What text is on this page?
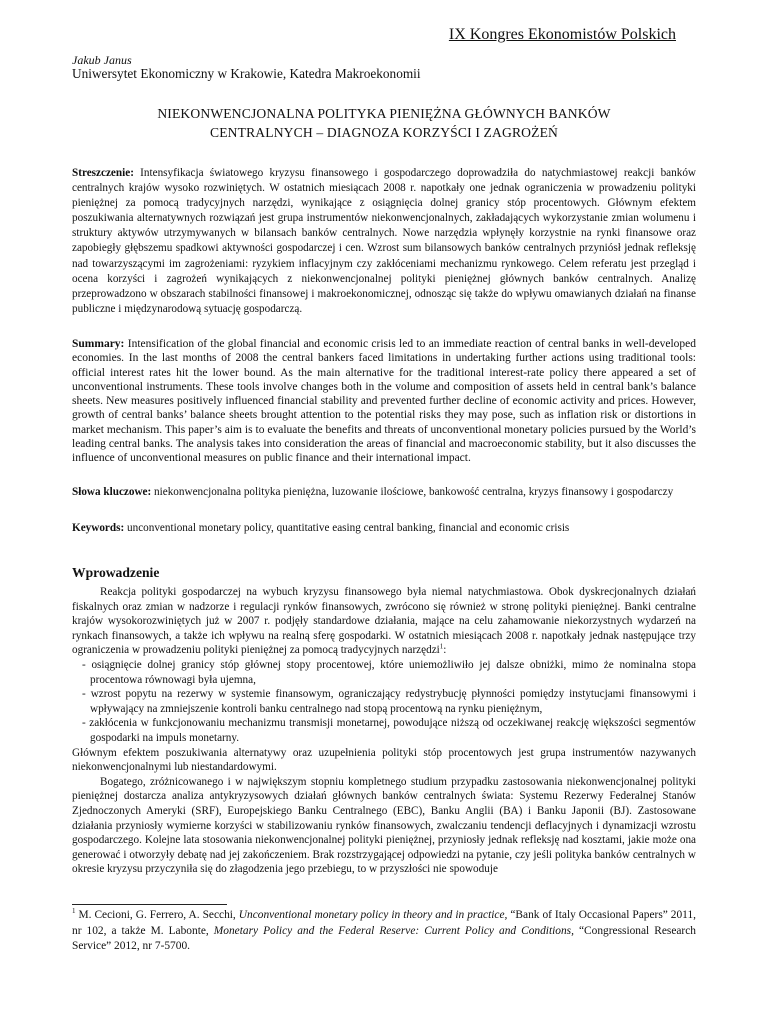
IX Kongres Ekonomistów Polskich
Jakub Janus
Uniwersytet Ekonomiczny w Krakowie, Katedra Makroekonomii
NIEKONWENCJONALNA POLITYKA PIENIĘŻNA GŁÓWNYCH BANKÓW
CENTRALNYCH – DIAGNOZA KORZYŚCI I ZAGROŻEŃ
Streszczenie: Intensyfikacja światowego kryzysu finansowego i gospodarczego doprowadziła do natychmiastowej reakcji banków centralnych krajów wysoko rozwiniętych. W ostatnich miesiącach 2008 r. napotkały one jednak ograniczenia w prowadzeniu polityki pieniężnej za pomocą tradycyjnych narzędzi, wynikające z osiągnięcia dolnej granicy stóp procentowych. Głównym efektem poszukiwania alternatywnych rozwiązań jest grupa instrumentów niekonwencjonalnych, zakładających wykorzystanie zmian wolumenu i struktury aktywów utrzymywanych w bilansach banków centralnych. Nowe narzędzia wpłynęły korzystnie na rynki finansowe oraz zapobiegły głębszemu spadkowi aktywności gospodarczej i cen. Wzrost sum bilansowych banków centralnych przyniósł jednak refleksję nad towarzyszącymi im zagrożeniami: ryzykiem inflacyjnym czy zakłóceniami mechanizmu rynkowego. Celem referatu jest przegląd i ocena korzyści i zagrożeń wynikających z niekonwencjonalnej polityki pieniężnej głównych banków centralnych. Analizę przeprowadzono w obszarach stabilności finansowej i makroekonomicznej, odnosząc się także do wpływu omawianych działań na finanse publiczne i międzynarodową sytuację gospodarczą.
Summary: Intensification of the global financial and economic crisis led to an immediate reaction of central banks in well-developed economies. In the last months of 2008 the central bankers faced limitations in undertaking further actions using traditional tools: official interest rates hit the lower bound. As the main alternative for the traditional interest-rate policy there appeared a set of unconventional instruments. These tools involve changes both in the volume and composition of assets held in central bank’s balance sheets. New measures positively influenced financial stability and prevented further decline of economic activity and prices. However, growth of central banks’ balance sheets brought attention to the potential risks they may pose, such as inflation risk or distortions in market mechanism. This paper’s aim is to evaluate the benefits and threats of unconventional monetary policies pursued by the World’s leading central banks. The analysis takes into consideration the areas of financial and macroeconomic stability, but it also discusses the influence of unconventional measures on public finance and their international impact.
Słowa kluczowe: niekonwencjonalna polityka pieniężna, luzowanie ilościowe, bankowość centralna, kryzys finansowy i gospodarczy
Keywords: unconventional monetary policy, quantitative easing central banking, financial and economic crisis
Wprowadzenie

Reakcja polityki gospodarczej na wybuch kryzysu finansowego była niemal natychmiastowa. Obok dyskrecjonalnych działań fiskalnych oraz zmian w nadzorze i regulacji rynków finansowych, zwrócono się również w stronę polityki pieniężnej. Banki centralne krajów wysokorozwiniętych już w 2007 r. podjęły standardowe działania, mające na celu zahamowanie niekorzystnych wydarzeń na rynkach finansowych, a także ich wpływu na realną sferę gospodarki. W ostatnich miesiącach 2008 r. napotkały jednak następujące trzy ograniczenia w prowadzeniu polityki pieniężnej za pomocą tradycyjnych narzędzi$^1$:

- osiągnięcie dolnej granicy stóp głównej stopy procentowej, które uniemożliwiło jej dalsze obniżki, mimo że nominalna stopa procentowa równowagi była ujemna,

- wzrost popytu na rezerwy w systemie finansowym, ograniczający redystrybucję płynności pomiędzy instytucjami finansowymi i wpływający na zmniejszenie kontroli banku centralnego nad stopą procentową na rynku pieniężnym,

- zakłócenia w funkcjonowaniu mechanizmu transmisji monetarnej, powodujące niższą od oczekiwanej reakcję większości segmentów gospodarki na impuls monetarny.

Głównym efektem poszukiwania alternatywy oraz uzupełnienia polityki stóp procentowych jest grupa instrumentów nazywanych niekonwencjonalnymi lub niestandardowymi.

Bogatego, zróżnicowanego i w największym stopniu kompletnego studium przypadku zastosowania niekonwencjonalnej polityki pieniężnej dostarcza analiza antykryzysowych działań głównych banków centralnych świata: Systemu Rezerwy Federalnej Stanów Zjednoczonych Ameryki (SRF), Europejskiego Banku Centralnego (EBC), Banku Anglii (BA) i Banku Japonii (BJ). Zastosowane działania przyniosły wymierne korzyści w stabilizowaniu rynków finansowych, zwalczaniu tendencji deflacyjnych i dynamizacji wzrostu gospodarczego. Kolejne lata stosowania niekonwencjonalnej polityki pieniężnej, przyniosły jednak refleksję nad kosztami, jakie może ona generować i otworzyły debatę nad jej zakończeniem. Brak rozstrzygającej odpowiedzi na pytanie, czy jeśli polityka banków centralnych w okresie kryzysu przyczyniła się do złagodzenia jego przebiegu, to w przyszłości nie spowoduje

$^1$ M. Cecioni, G. Ferrero, A. Secchi, Unconventional monetary policy in theory and in practice, “Bank of Italy Occasional Papers” 2011, nr 102, a także M. Labonte, Monetary Policy and the Federal Reserve: Current Policy and Conditions, “Congressional Research Service” 2012, nr 7-5700.
